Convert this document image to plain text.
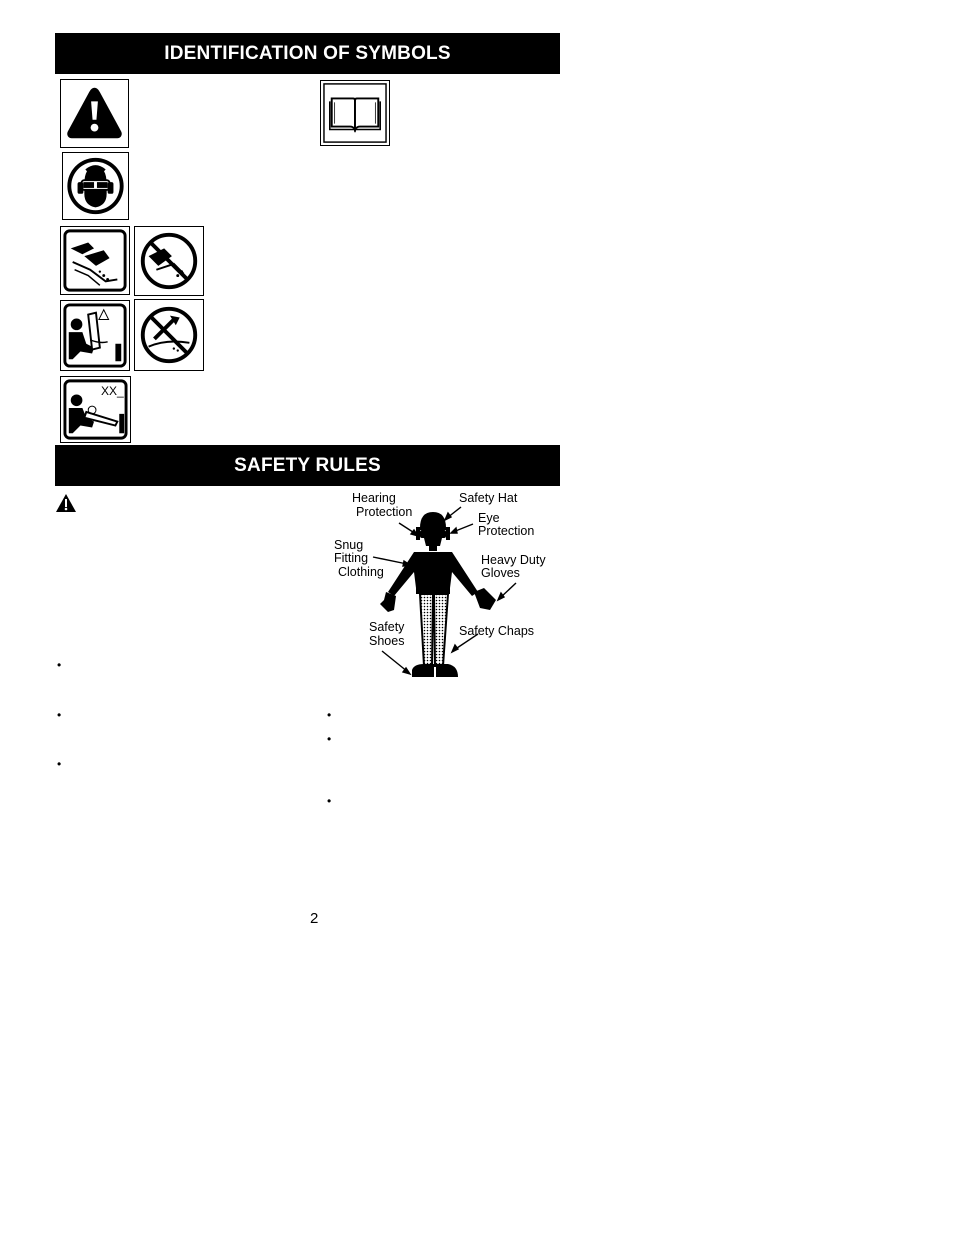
IDENTIFICATION OF SYMBOLS
XX_
SAFETY RULES
•
•
•
•
•
•
Hearing
Protection
Safety Hat
Eye
Protection
Snug
Fitting
Clothing
Heavy Duty
Gloves
Safety
Shoes
Safety Chaps
2
